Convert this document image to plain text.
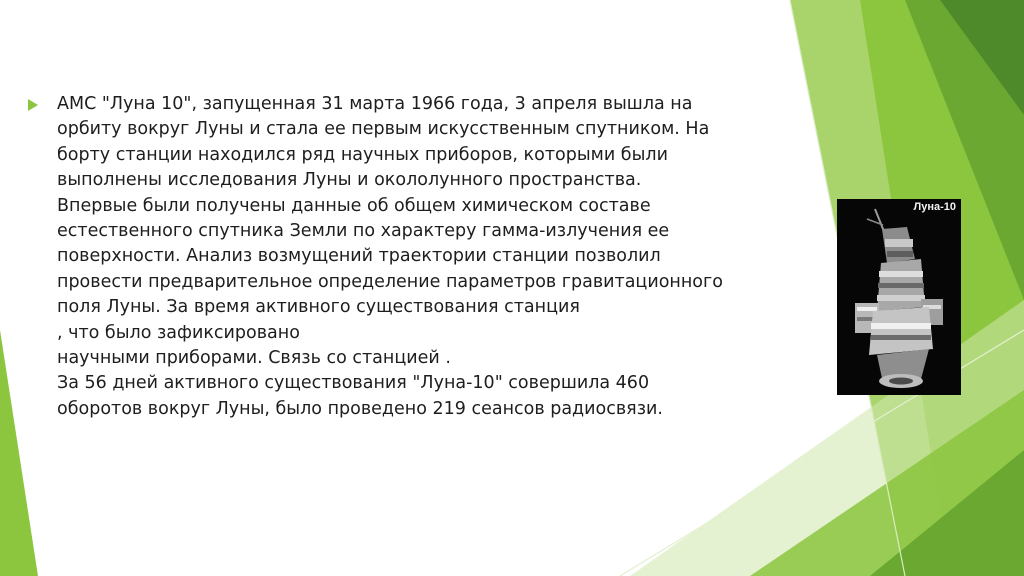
АМС "Луна 10", запущенная 31 марта 1966 года, 3 апреля вышла на
орбиту вокруг Луны и стала ее первым искусственным спутником. На
борту станции находился ряд научных приборов, которыми были
выполнены исследования Луны и окололунного пространства.
Впервые были получены данные об общем химическом составе
естественного спутника Земли по характеру гамма-излучения ее
поверхности. Анализ возмущений траектории станции позволил
провести предварительное определение параметров гравитационного
поля Луны. За время активного существования станция
, что было зафиксировано
научными приборами. Связь со станцией .
За 56 дней активного существования "Луна-10" совершила 460
оборотов вокруг Луны, было проведено 219 сеансов радиосвязи.

Луна-10
